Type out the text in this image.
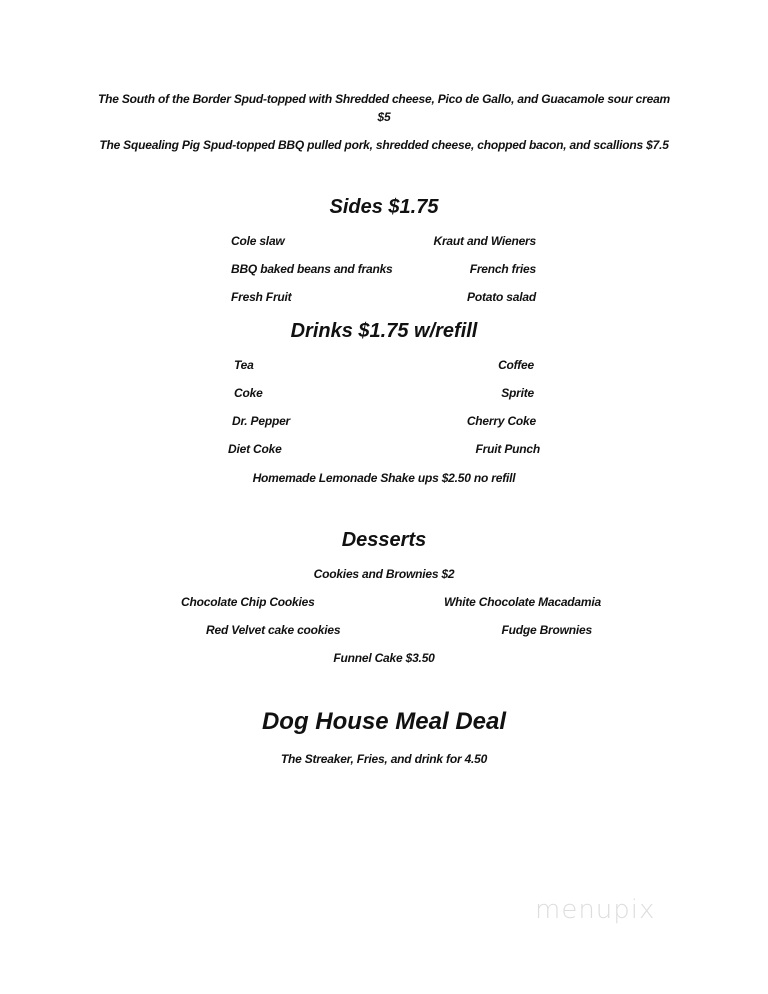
The South of the Border Spud-topped with Shredded cheese, Pico de Gallo, and Guacamole sour cream
$5
The Squealing Pig Spud-topped BBQ pulled pork, shredded cheese, chopped bacon, and scallions $7.5
Sides $1.75
Cole slaw	Kraut and Wieners
BBQ baked beans and franks	French fries
Fresh Fruit	Potato salad
Drinks $1.75 w/refill
Tea	Coffee
Coke	Sprite
Dr. Pepper	Cherry Coke
Diet Coke	Fruit Punch
Homemade Lemonade Shake ups $2.50 no refill
Desserts
Cookies and Brownies $2
Chocolate Chip Cookies	White Chocolate Macadamia
Red Velvet cake cookies	Fudge Brownies
Funnel Cake $3.50
Dog House Meal Deal
The Streaker, Fries, and drink for 4.50
menupix
